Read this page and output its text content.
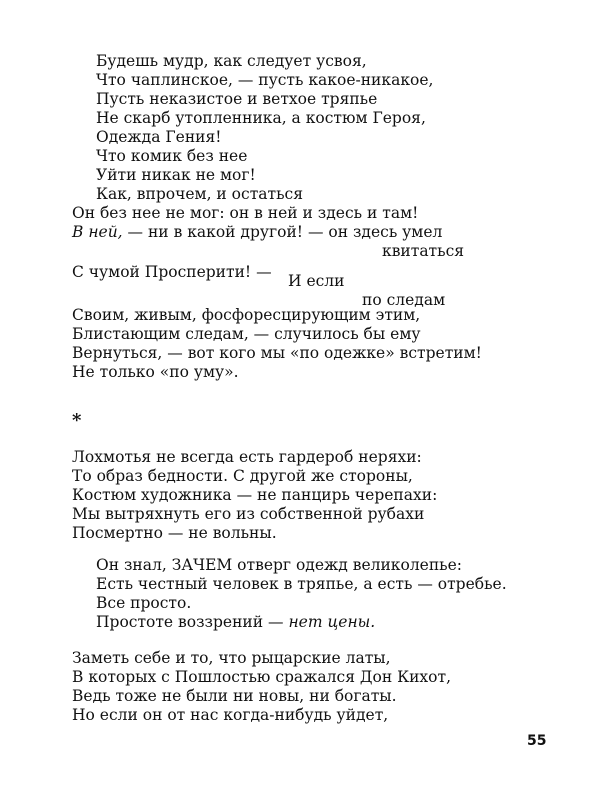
Будешь мудр, как следует усвоя,

Что чаплинское, — пусть какое-никакое,

Пусть неказистое и ветхое тряпье

Не скарб утопленника, а костюм Героя,

Одежда Гения!

Что комик без нее

Уйти никак не мог!

Как, впрочем, и остаться

Он без нее не мог: он в ней и здесь и там!

В ней, — ни в какой другой! — он здесь умел

квитаться

С чумой Просперити! — И если

по следам

Своим, живым, фосфоресцирующим этим,

Блистающим следам, — случилось бы ему

Вернуться, — вот кого мы «по одежке» встретим!

Не только «по уму».

*

Лохмотья не всегда есть гардероб неряхи:

То образ бедности. С другой же стороны,

Костюм художника — не панцирь черепахи:

Мы вытряхнуть его из собственной рубахи

Посмертно — не вольны.

Он знал, ЗАЧЕМ отверг одежд великолепье:

Есть честный человек в тряпье, а есть — отребье.

Все просто.

Простоте воззрений — нет цены.

Заметь себе и то, что рыцарские латы,

В которых с Пошлостью сражался Дон Кихот,

Ведь тоже не были ни новы, ни богаты.

Но если он от нас когда-нибудь уйдет,

55
